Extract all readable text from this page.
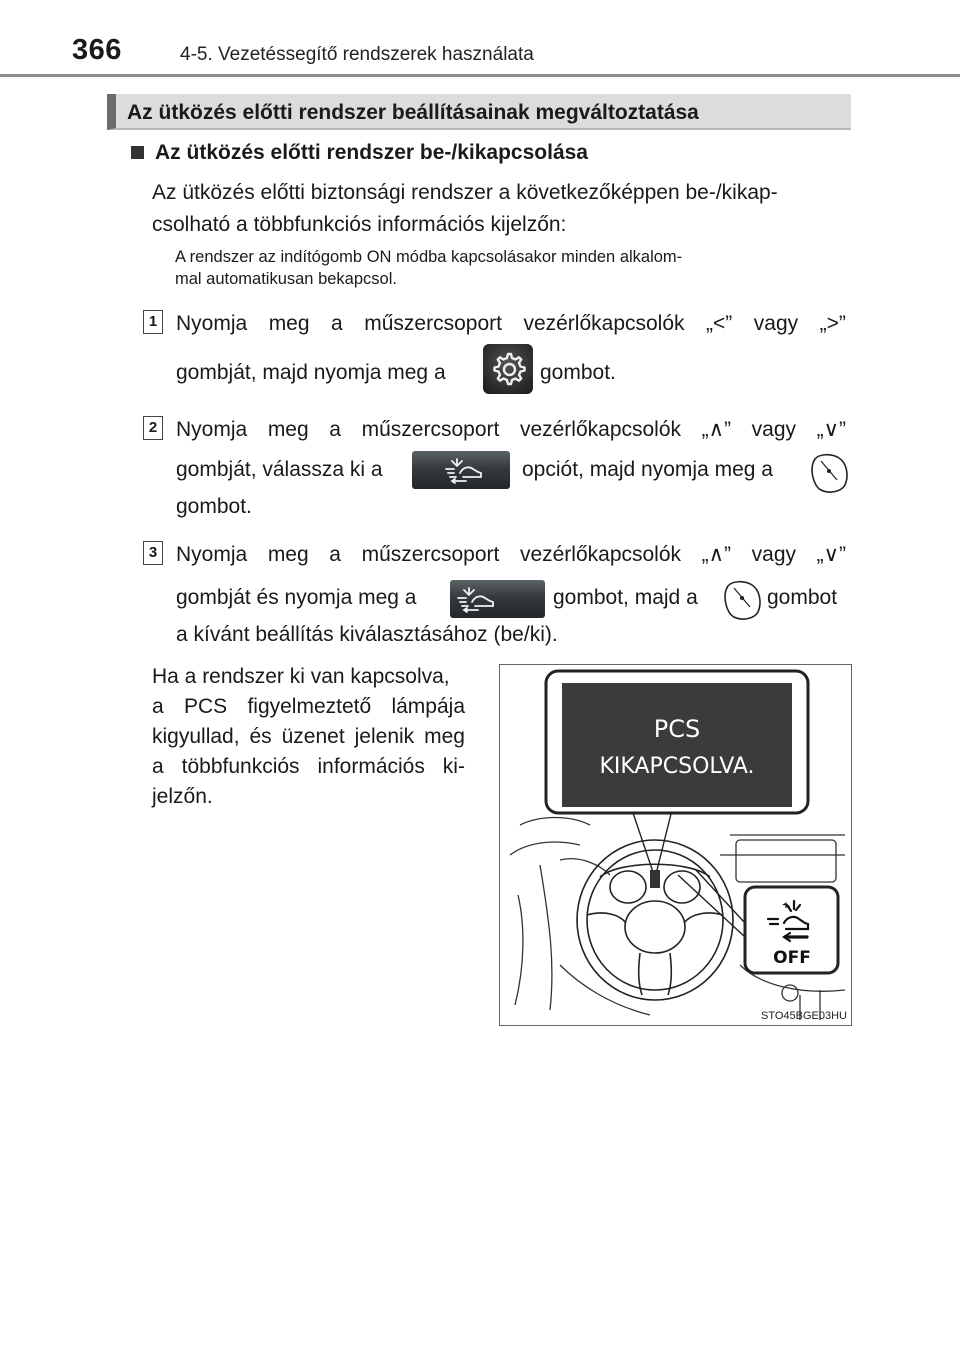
366	4-5. Vezetéssegítő rendszerek használata
Az ütközés előtti rendszer beállításainak megváltoztatása
Az ütközés előtti rendszer be-/kikapcsolása
Az ütközés előtti biztonsági rendszer a következőképpen be-/kikap-
csolható a többfunkciós információs kijelzőn:
A rendszer az indítógomb ON módba kapcsolásakor minden alkalom-
mal automatikusan bekapcsol.
1 Nyomja meg a műszercsoport vezérlőkapcsolók „<” vagy „>”
gombját, majd nyomja meg a	gombot.
2 Nyomja meg a műszercsoport vezérlőkapcsolók „∧” vagy „∨”
gombját, válassza ki a	opciót, majd nyomja meg a
gombot.
3 Nyomja meg a műszercsoport vezérlőkapcsolók „∧” vagy „∨”
gombját és nyomja meg a	gombot, majd a	gombot
a kívánt beállítás kiválasztásához (be/ki).
Ha a rendszer ki van kapcsolva,
a PCS figyelmeztető lámpája
kigyullad, és üzenet jelenik meg
a többfunkciós információs ki-
jelzőn.
PCS
KIKAPCSOLVA.
OFF
STO45BGE03HU
